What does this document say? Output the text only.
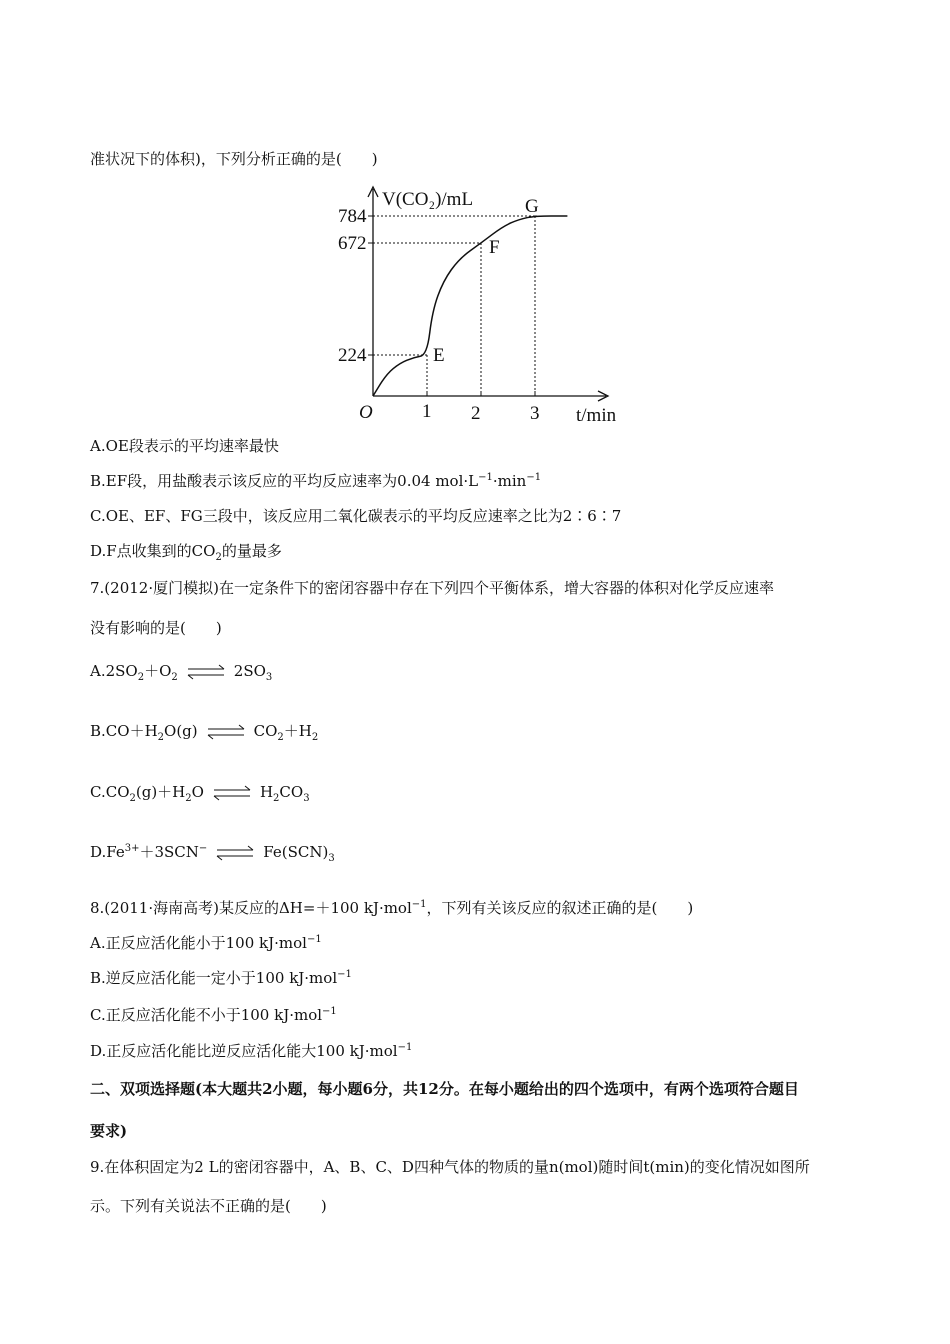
准状况下的体积)，下列分析正确的是(　　)
V(CO₂)/mL
t/min
O	1 2	3
224
672
784
E
F
G
A.OE段表示的平均速率最快
B.EF段，用盐酸表示该反应的平均反应速率为0.04 $mol\cdot L^{-1}\cdot\min^{-1}$
C.OE、EF、FG三段中，该反应用二氧化碳表示的平均反应速率之比为2∶6∶7
D.F点收集到的$CO_2$的量最多
7.(2012·厦门模拟)在一定条件下的密闭容器中存在下列四个平衡体系，增大容器的体积对化学反应速率
没有影响的是(　　)
$A.2SO_2+O_2$ ⇌ $2SO_3$
$B.CO+H_2O(g)$ ⇌ $CO_2+H_2$
$C.CO_2(g)+H_2O$ ⇌ $H_2CO_3$
$D.Fe^{3+}+3SCN^-$ ⇌ $Fe(SCN)_3$
8.(2011·海南高考)某反应的ΔH=＋100 kJ·mol$^{-1}$，下列有关该反应的叙述正确的是(　　)
A.正反应活化能小于100 kJ·mol$^{-1}$
B.逆反应活化能一定小于100 kJ·mol$^{-1}$
C.正反应活化能不小于100 kJ·mol$^{-1}$
D.正反应活化能比逆反应活化能大100 kJ·mol$^{-1}$
二、双项选择题(本大题共2小题，每小题6分，共12分。在每小题给出的四个选项中，有两个选项符合题目
要求)
9.在体积固定为2 L的密闭容器中，A、B、C、D四种气体的物质的量n(mol)随时间t(min)的变化情况如图所
示。下列有关说法不正确的是(　　)
